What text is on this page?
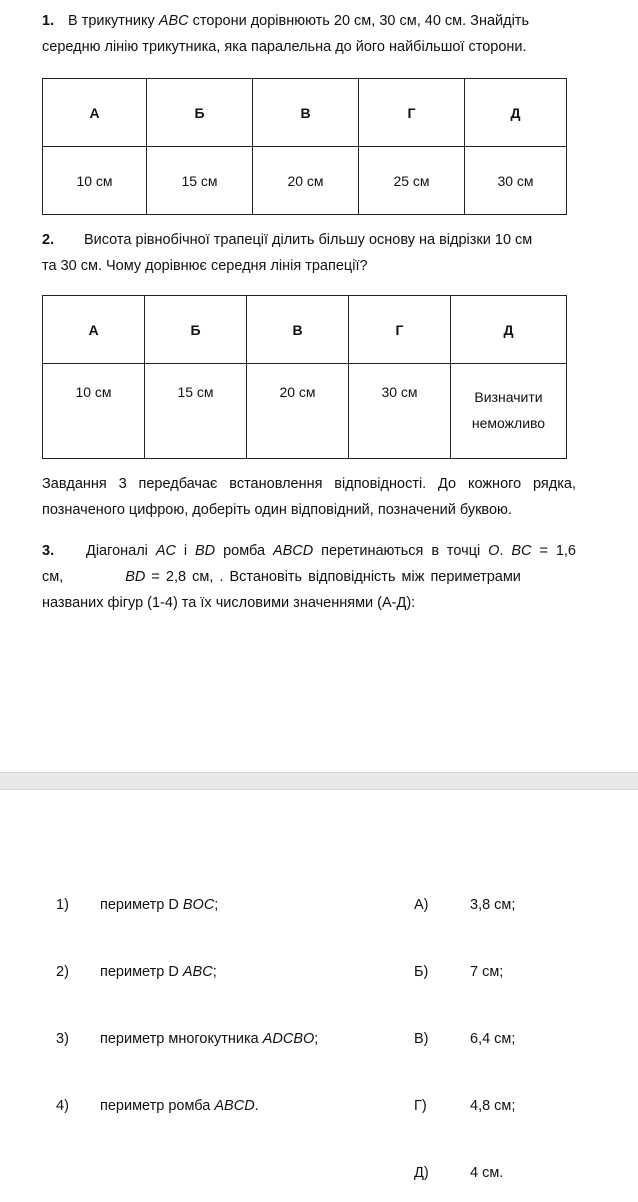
1. В трикутнику ABC сторони дорівнюють 20 см, 30 см, 40 см. Знайдіть
середню лінію трикутника, яка паралельна до його найбільшої сторони.
А	Б	В	Г	Д
10 см	15 см	20 см	25 см	30 см
2. Висота рівнобічної трапеції ділить більшу основу на відрізки 10 см
та 30 см. Чому дорівнює середня лінія трапеції?
А	Б	В	Г	Д
10 см	15 см	20 см	30 см	Визначити
неможливо
Завдання 3 передбачає встановлення відповідності. До кожного рядка,
позначеного цифрою, доберіть один відповідний, позначений буквою.
3. Діагоналі AC і BD ромба ABCD перетинаються в точці O. BC = 1,6
см,	BD = 2,8 см, . Встановіть відповідність між периметрами
названих фігур (1-4) та їх числовими значеннями (А-Д):
1) периметр D BOC;	А)	3,8 см;
2) периметр D ABC;	Б)	7 см;
3) периметр многокутника ADCBO;	В)	6,4 см;
4) периметр ромба ABCD.	Г)	4,8 см;
Д)	4 см.
